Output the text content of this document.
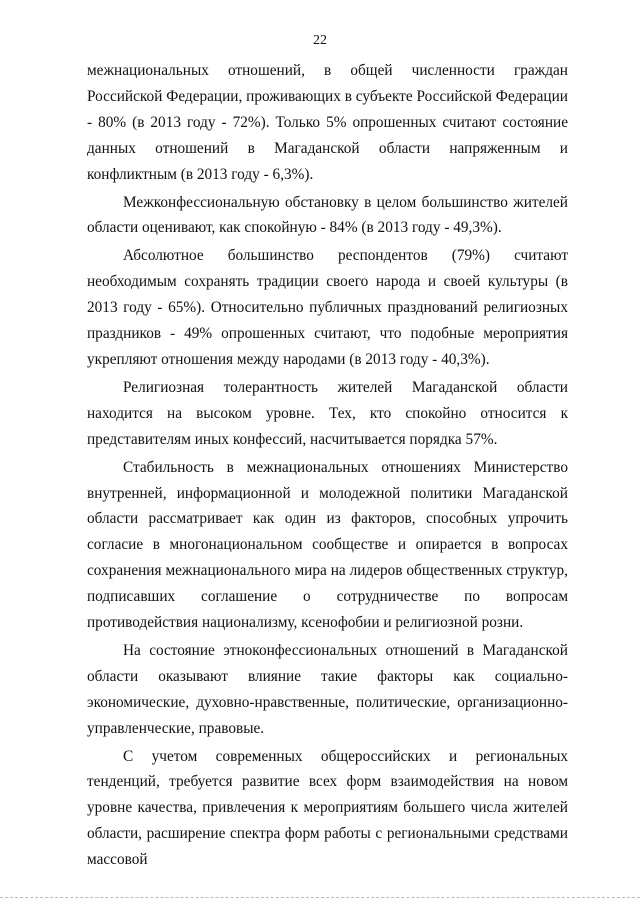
22

межнациональных отношений, в общей численности граждан Российской Федерации, проживающих в субъекте Российской Федерации - 80% (в 2013 году - 72%). Только 5% опрошенных считают состояние данных отношений в Магаданской области напряженным и конфликтным (в 2013 году - 6,3%).

Межконфессиональную обстановку в целом большинство жителей области оценивают, как спокойную - 84% (в 2013 году - 49,3%).

Абсолютное большинство респондентов (79%) считают необходимым сохранять традиции своего народа и своей культуры (в 2013 году - 65%). Относительно публичных празднований религиозных праздников - 49% опрошенных считают, что подобные мероприятия укрепляют отношения между народами (в 2013 году - 40,3%).

Религиозная толерантность жителей Магаданской области находится на высоком уровне. Тех, кто спокойно относится к представителям иных конфессий, насчитывается порядка 57%.

Стабильность в межнациональных отношениях Министерство внутренней, информационной и молодежной политики Магаданской области рассматривает как один из факторов, способных упрочить согласие в многонациональном сообществе и опирается в вопросах сохранения межнационального мира на лидеров общественных структур, подписавших соглашение о сотрудничестве по вопросам противодействия национализму, ксенофобии и религиозной розни.

На состояние этноконфессиональных отношений в Магаданской области оказывают влияние такие факторы как социально-экономические, духовно-нравственные, политические, организационно-управленческие, правовые.

С учетом современных общероссийских и региональных тенденций, требуется развитие всех форм взаимодействия на новом уровне качества, привлечения к мероприятиям большего числа жителей области, расширение спектра форм работы с региональными средствами массовой
